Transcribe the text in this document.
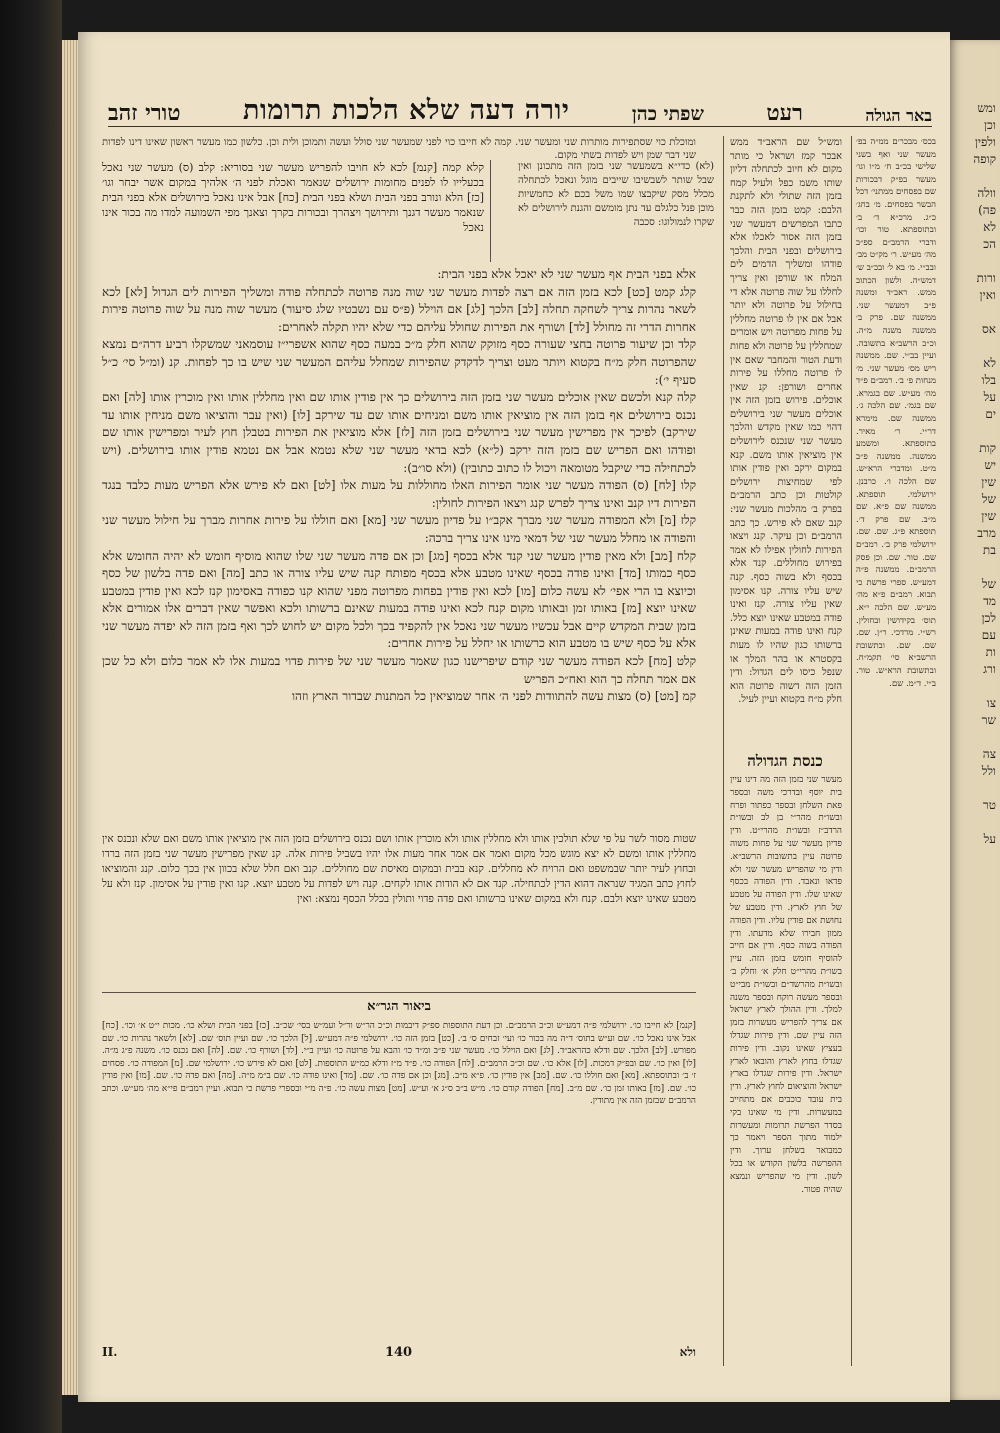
באר הגולה
רעט
שפתי כהן
יורה דעה שלא הלכות תרומות
טורי זהב
בכס׳ מבכר׳ם ממ״ה בפ׳ מעשר שני ואף בשני שלישי בכ״ב ח׳ מ״ו וגו׳ מעשר בפ״ק דבכורות שם בפסחים ממתני׳ דכל הבשר בפסחים. מ׳ בחג׳ כ״ג. מרכ״א ד׳ ב׳ ובתוספתא. טור וכו׳ ודברי הרמב״ם ספ״ב מה׳ מע״ש. ר׳ מק״ט מב׳ ובב״י. מ׳ בא ל׳ ובכ״ב ש׳ דמש״ה. ולשון הכתוב ממש. ראב״ד ומשנה פ״ב דמעשר שני. ממשנה שם. פרק ב׳ ממשנה משנה מ״ה. וכ״כ הרשב״א בתשובה. ועיין בב״י. שם. ממשנה ריש מס׳ מעשר שני. מ׳ מנחות פ׳ ב׳. רמב״ם פ״ד מה׳ מע״ש. שם בגמרא. שם בגמ׳. שם הלכה ג׳. ממשנה שם. מימרא דר״י. ר׳ מאיר. בתוספתא. ומשמע ממשנה. ממשנה פ״ב מ״ט. ומדברי הרא״ש. שם הלכה ו׳. כרבנן. ירושלמי. תוספתא. ממשנה שם פ״א. שם מ״ב. שם פרק ד׳. תוספתא פ״ג. שם. שם. ירושלמי פרק ב׳. רמב״ם שם. טור. שם. וכן פסק הרמב״ם. ממשנה פ״ה דמע״ש. ספרי פרשת כי תבוא. רמב״ם פ״א מה׳ מע״ש. שם הלכה י״א. תוס׳ בקידושין ובחולין. רש״י. מרדכי. ר״ן. שם. שם. שם. ובתשובת הרשב״א סי׳ תקמ״ח. ובתשובת הרא״ש. טור. ב״י. ד״מ. שם.
ומש״ל שם הראב״ד ממש אבכר קמז ושראל כי מותר מקום לא חיוב לכתחלה דליון שותו משמ כפל ולעיל קמח בזמן הזה שתולי ולא לתקנת הלבם: קמט בזמן הזה כבר כתבו המפרשים דמעשר שני בזמן הזה אסור לאכלו אלא בירושלים ובפני הבית והלכך פודהו ומשליך הדמים לים המלח או שורפן ואין צריך לחללו על שוה פרוטה אלא די בחילול על פרוטה ולא יותר אבל אם אין לו פרוטה מחללין על פחות מפרוטה ויש אומרים שמחללין על פרוטה ולא פחות ודעת הטור והמחבר שאם אין לו פרוטה מחללו על פירות אחרים ושורפן: קנ שאין אוכלים. פירוש בזמן הזה אין אוכלים מעשר שני בירושלים דהוי כמו שאין מקדש והלכך מעשר שני שנכנס לירושלים אין מוציאין אותו משם. קנא במקום ירקב ואין פודין אותו לפי שמחיצות ירושלים קולטות וכן כתב הרמב״ם בפרק ב׳ מהלכות מעשר שני: קנב שאם לא פירש. כך כתב הרמב״ם וכן עיקר. קנג ויצאו הפירות לחולין אפילו לא אמר בפירוש מחוללים. קנד אלא בכסף ולא בשוה כסף. קנה שיש עליו צורה. קנו אסימון שאין עליו צורה. קנז ואינו פודה במטבע שאינו יוצא כלל. קנח ואינו פודה במעות שאינן ברשותו כגון שהיו לו מעות בקסטרא או בהר המלך או שנפל כיסו לים הגדול: ודין הזמן הזה דשוה פרוטה הוא חלק מ״ח בקטוא ועיין לעיל.
כנסת הגדולה
מעשר שני בזמן הזה מה דינו עיין בית יוסף ובדרכי משה ובספר פאת השלחן ובספר כפתור ופרח ובשו״ת מהר״י בן לב ובשו״ת הרדב״ז ובשו״ת מהרי״ט. ודין פדיון מעשר שני על פחות משוה פרוטה עיין בתשובות הרשב״א. ודין מי שהפריש מעשר שני ולא פדאו ונאבד. ודין הפודה בכסף שאינו שלו. ודין הפודה על מטבע של חוץ לארץ. ודין מטבע של נחושת אם פודין עליו. ודין הפודה ממון חבירו שלא מדעתו. ודין הפודה בשוה כסף. ודין אם חייב להוסיף חומש בזמן הזה. עיין בשו״ת מהרי״ט חלק א׳ וחלק ב׳ ובשו״ת מהרשד״ם ובשו״ת מבי״ט ובספר מעשה רוקח ובספר משנה למלך. ודין ההולך לארץ ישראל אם צריך להפריש מעשרות בזמן הזה עיין שם. ודין פירות שגדלו בעציץ שאינו נקוב. ודין פירות שגדלו בחוץ לארץ והובאו לארץ ישראל. ודין פירות שגדלו בארץ ישראל והוציאום לחוץ לארץ. ודין בית עובד כוכבים אם מתחייב במעשרות. ודין מי שאינו בקי בסדר הפרשת תרומות ומעשרות ילמוד מתוך הספר ויאמר כך כמבואר בשלחן ערוך. ודין ההפרשה בלשון הקודש או בכל לשון. ודין מי שהפריש ונמצא שהיה פטור.
ומוכלת כוי שסתפירות מותרות שני ומעשר שני. קמה לא חייבו כוי לפני שמעשר שני סולל ועשה ותמוכן ולית וכן. כלשון כמו מעשר ראשון שאינו דינו לפדות שני דבר שמן ויש לפדות בשתי מקום.
(לא) כדי״א בשמעשר שני בזמן הזה מתכונן ואין שבל שותר לשבשיבו שייבים מוגל ונאכל לכתחלה מכלל מסק שיקבצו שמו משל בכם לא כחמשיות מוכן פנל כלגלם עד נתן מומשם והגנת לירושלים לא שקרו לנמולוגו: סכבה
קלא קמה [קנמ] לכא לא חויבו להפריש מעשר שני בסוריא: קלב (ס) מעשר שני נאכל בכעלייו לו לפנים מחומות ירושלים שנאמר ואכלת לפני ה׳ אלהיך במקום אשר יבחר וגו׳ [כז] הלא ונורב בפני הבית ושלא בפני הבית [כח] אבל אינו נאכל בירושלים אלא בפני הבית שנאמר מעשר דגנך ותירושך ויצהרך ובכורות בקרך וצאנך מפי השמועה למדו מה בכור אינו נאכל
אלא בפני הבית אף מעשר שני לא יאכל אלא בפני הבית:
קלג קמט [כט] לכא בזמן הזה אם רצה לפדות מעשר שני שוה מנה פרוטה לכתחלה פודה ומשליך הפירות לים הגדול [לא] לכא לשאר נהרות צריך לשחקה תחלה [לב] הלכך [לג] אם הוילל (פ״ס עם נשבטיו שלג סיעור) מעשר שוה מנה על שוה פרוטה פירות אחרות הדרי זה מחולל [לד] ושורף את הפירות שחולל עליהם כדי שלא יהיו תקלה לאחרים:
קלד וכן שיעור פרוטה בחצי שעורה כסף מזוקק שהוא חלק מ״כ במעה כסף שהוא אשפרי״ז עוסמאני שמשקלו רביע דרה״ם נמצא שהפרוטה חלק מ״ח בקטוא ויותר מעט וצריך לדקדק שהפירות שמחלל עליהם המעשר שני שיש בו כך לפחות. קנ (ומ״ל סי׳ כ״ל סעיף י׳):
קלה קנא ולכשם שאין אוכלים מעשר שני בזמן הזה בירושלים כך אין פודין אותו שם ואין מחללין אותו ואין מוכרין אותו [לה] ואם נכנס בירושלים אף בזמן הזה אין מוציאין אותו משם ומניחים אותו שם עד שירקב [לו] (ואין עבר והוציאו משם מניחין אותו עד שירקב) לפיכך אין מפרישין מעשר שני בירושלים בזמן הזה [לז] אלא מוציאין את הפירות בטבלן חוץ לעיר ומפרישין אותו שם ופודהו ואם הפריש שם בזמן הזה ירקב (ל״א) לכא בדאי מעשר שני שלא נטמא אבל אם נטמא פודין אותו בירושלים. (ויש לכתחילה כדי שיקבל מטומאה ויכול לו כתוב כתובין) (ולא סו״ב):
קלו [לח] (ס) הפודה מעשר שני אומר הפירות האלו מחוללות על מעות אלו [לט] ואם לא פירש אלא הפריש מעות כלבד בנגד הפירות דיו קנב ואינו צריך לפרש קנג ויצאו הפירות לחולין:
קלז [מ] ולא המפודה מעשר שני מברך אקב״ו על פדיון מעשר שני [מא] ואם חוללו על פירות אחרות מברך על חילול מעשר שני והפודה או מחלל מעשר שני של דמאי מינו אינו צריך ברכה:
קלח [מב] ולא מאין פודין מעשר שני קנד אלא בכסף [מג] וכן אם פדה מעשר שני שלו שהוא מוסיף חומש לא יהיה החומש אלא כסף כמותו [מד] ואינו פודה בכסף שאינו מטבע אלא בכסף מפותח קנה שיש עליו צורה או כתב [מה] ואם פדה בלשון של כסף וכיוצא בו הרי אפי׳ לא עשה כלום [מו] לכא ואין פודין בפחות מפרוטה מפני שהוא קנו כפודה באסימון קנז לכא ואין פודין במטבע שאינו יוצא [מז] באותו זמן ובאותו מקום קנח לכא ואינו פודה במעות שאינם ברשותו ולכא ואפשר שאין דברים אלו אמורים אלא בזמן שבית המקדש קיים אבל עכשיו מעשר שני נאכל אין להקפיד בכך ולכל מקום יש לחוש לכך ואף בזמן הזה לא יפדה מעשר שני אלא על כסף שיש בו מטבע הוא כרשותו או יחלל על פירות אחרים:
קלט [מח] לכא הפודה מעשר שני קודם שיפרישנו כגון שאמר מעשר שני של פירות פדוי במעות אלו לא אמר כלום ולא כל שכן אם אמר תחלה כך הוא ואח״כ הפריש
קמ [מט] (ס) מצות עשה להתוודות לפני ה׳ אחר שמוציאין כל המתנות שבדור הארץ וזהו
שטות מסור לשר על פי שלא תולכין אותו ולא מחללין אותו ולא מוכרין אותו ושם נכנס בירושלים בזמן הזה אין מוציאין אותו משם ואם שלא ונכנס אין מחללין אותו ומשם לא יצא מוגש מכל מקום ואמר אם אמר אחר מעות אלו יהיו בשביל פירות אלה. קנ שאין מפרישין מעשר שני בזמן הזה ברדו ובחוץ לעיר יותר שבמשפט ואם הרויח לא מחללים. קנא בבית ובמקום מאיסת שם מחוללים. קנב ואם חלל שלא בכוון אין בכך כלום. קנג והמוציאו לחוץ כתב המגיד שנראה דהוא הדין לכתחילה. קנד אם לא הודות אותו לקחים. קנה ויש לפדות על מטבע יוצא. קנו ואין פודין על אסימון. קנז ולא על מטבע שאינו יוצא ולבם. קנח ולא במקום שאינו ברשותו ואם פדה פדוי ותולין בכלל הכסף נמצא: ואין
ביאור הגר״א
[קנמ] לא חייבו כו׳. ירושלמי פ״ה דמע״ש וכ״כ הרמב״ם. וכן דעת התוספות ספ״ק דיבמות וכ״כ הר״ש ור״ל ועמ״ש בסי׳ שכ״ב. [כז] בפני הבית ושלא כו׳. מכות י״ט א׳ וכו׳. [כח] אבל אינו נאכל כו׳. שם וע״ש בתוס׳ ד״ה מה בכור כו׳ ועי׳ זבחים ס׳ ב׳. [כט] בזמן הזה כו׳. ירושלמי פ״ה דמע״ש. [ל] הלכך כו׳. שם ועיין תוס׳ שם. [לא] ולשאר נהרות כו׳. שם מפורש. [לב] הלכך. שם ודלא כהראב״ד. [לג] ואם הוילל כו׳. מעשר שני פ״ב ומ״ד כו׳ והבא על פרוטה כו׳ ועיין ב״י. [לד] ושורף כו׳. שם. [לה] ואם נכנס כו׳. משנה פ״ג מ״ה. [לו] ואין כו׳. שם ובפ״ק דמכות. [לז] אלא כו׳. שם וכ״כ הרמב״ם. [לח] הפודה כו׳. פ״ד מ״ז ודלא כמ״ש התוספות. [לט] ואם לא פירש כו׳. ירושלמי שם. [מ] המפודה כו׳. פסחים ז׳ ב׳ ובתוספתא. [מא] ואם חוללו כו׳. שם. [מב] אין פודין כו׳. פ״א מ״ב. [מג] וכן אם פדה כו׳. שם. [מד] ואינו פודה כו׳. שם ב״מ מ״ה. [מה] ואם פדה כו׳. שם. [מו] ואין פודין כו׳. שם. [מז] באותו זמן כו׳. שם מ״ב. [מח] הפודה קודם כו׳. מ״ש ב״ב ס״ג א׳ וע״ש. [מט] מצות עשה כו׳. פ״ה מ״י ובספרי פרשת כי תבוא. ועיין רמב״ם פי״א מה׳ מע״ש. וכתב הרמב״ם שבזמן הזה אין מתודין.
II.	140	ולא
ומש
וכן
ולפין
קופה

וולה
פה)
לא
הכ

ורות
ואין

אס

לא
בלו
על
ים

קות
יש
שין
של
שין
מרב
בת

של
מד
לכן
עם
ות
ורג

צו
שר

צה
ולל

טר

על
